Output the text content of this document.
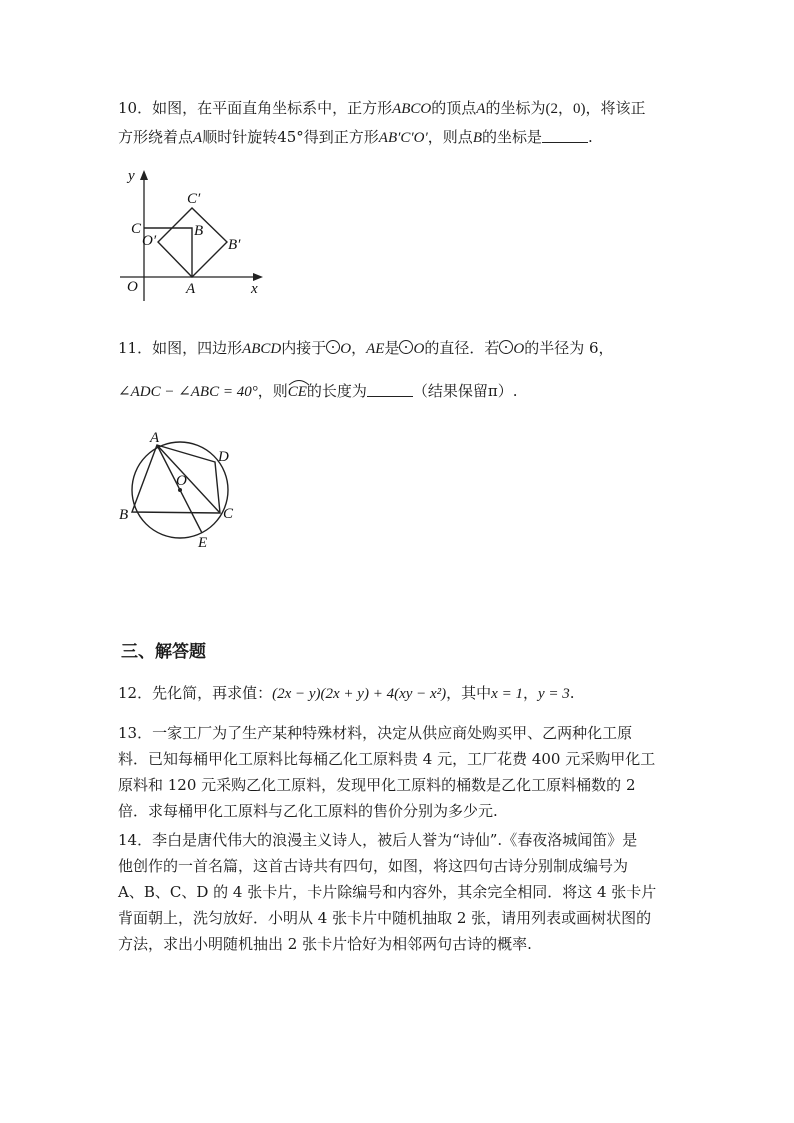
10．如图，在平面直角坐标系中，正方形ABCO的顶点A的坐标为(2，0)，将该正
方形绕着点A顺时针旋转45°得到正方形AB′C′O′，则点B的坐标是	.
y
x
O	A
B
C
C′
O′	B′
11．如图，四边形ABCD内接于 O，AE是 O的直径．若 O的半径为 6，
∠ADC − ∠ABC = 40°，则CE
的长度为	（结果保留π）.
A
D
O
B	C
E
三、解答题
12．先化简，再求值：(2x − y)(2x + y) + 4(xy − x²)，其中x = 1，y = 3.
13．一家工厂为了生产某种特殊材料，决定从供应商处购买甲、乙两种化工原
料．已知每桶甲化工原料比每桶乙化工原料贵 4 元，工厂花费 400 元采购甲化工
原料和 120 元采购乙化工原料，发现甲化工原料的桶数是乙化工原料桶数的 2
倍．求每桶甲化工原料与乙化工原料的售价分别为多少元.
14．李白是唐代伟大的浪漫主义诗人，被后人誉为“诗仙”.《春夜洛城闻笛》是
他创作的一首名篇，这首古诗共有四句，如图，将这四句古诗分别制成编号为
A、B、C、D 的 4 张卡片，卡片除编号和内容外，其余完全相同．将这 4 张卡片
背面朝上，洗匀放好．小明从 4 张卡片中随机抽取 2 张，请用列表或画树状图的
方法，求出小明随机抽出 2 张卡片恰好为相邻两句古诗的概率.
